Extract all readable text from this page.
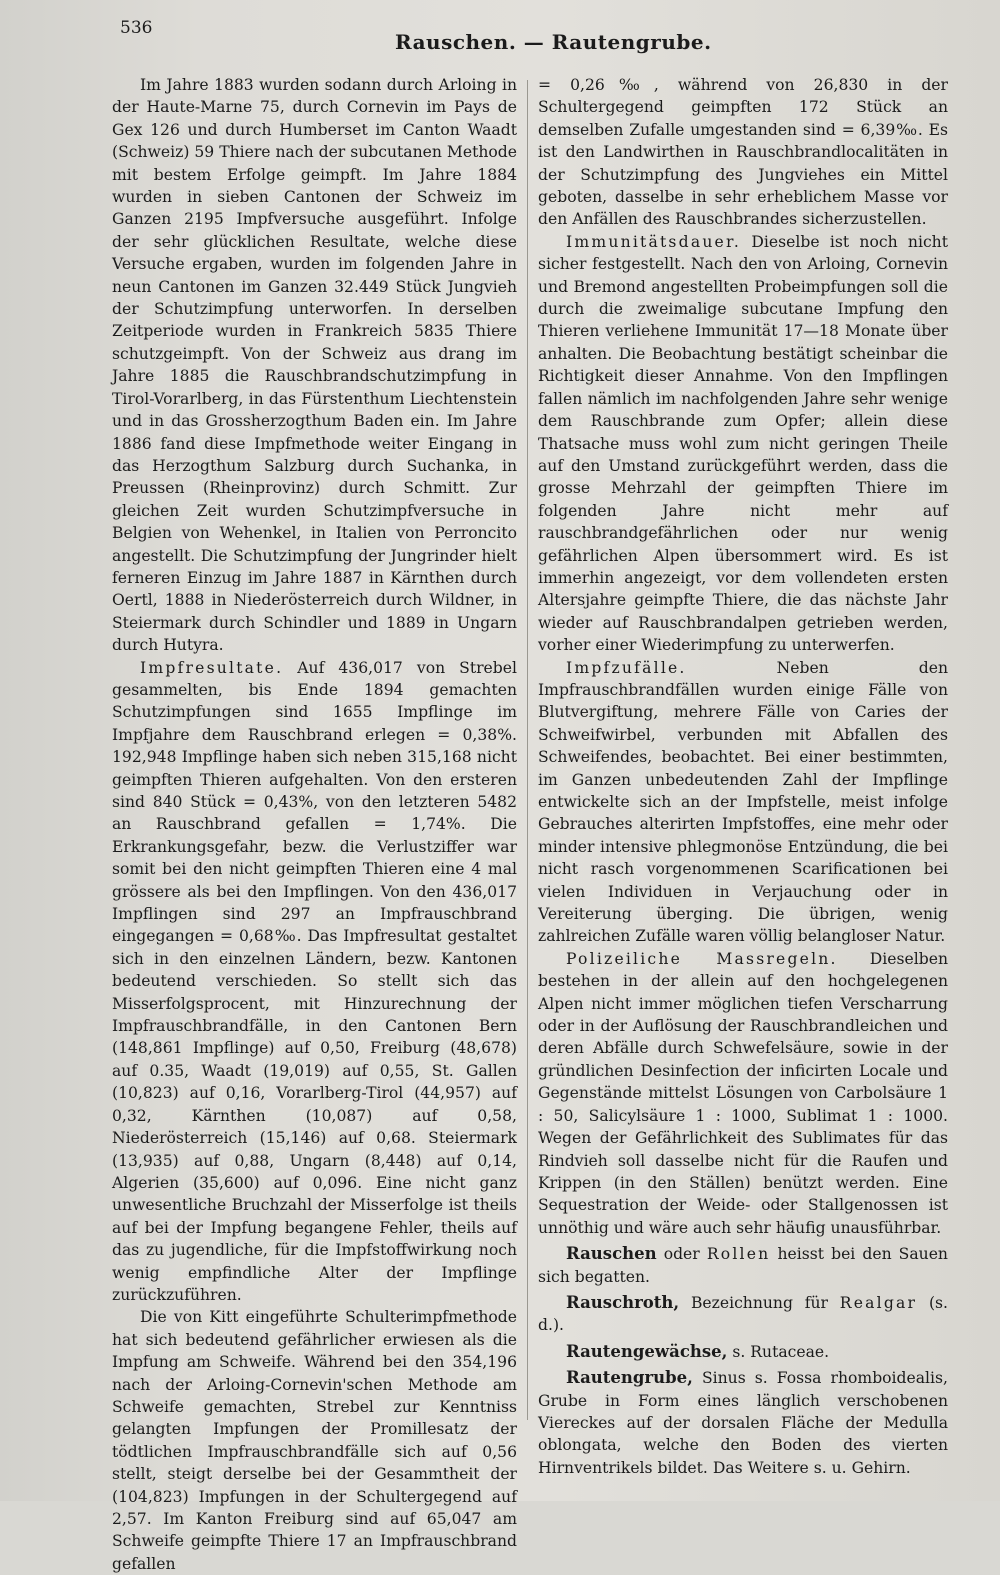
536
Rauschen. — Rautengrube.

Im Jahre 1883 wurden sodann durch Arloing in der Haute-Marne 75, durch Cornevin im Pays de Gex 126 und durch Humberset im Canton Waadt (Schweiz) 59 Thiere nach der subcutanen Methode mit bestem Erfolge geimpft. Im Jahre 1884 wurden in sieben Cantonen der Schweiz im Ganzen 2195 Impfversuche ausgeführt. Infolge der sehr glücklichen Resultate, welche diese Versuche ergaben, wurden im folgenden Jahre in neun Cantonen im Ganzen 32.449 Stück Jungvieh der Schutzimpfung unterworfen. In derselben Zeitperiode wurden in Frankreich 5835 Thiere schutzgeimpft. Von der Schweiz aus drang im Jahre 1885 die Rauschbrandschutzimpfung in Tirol-Vorarlberg, in das Fürstenthum Liechtenstein und in das Grossherzogthum Baden ein. Im Jahre 1886 fand diese Impfmethode weiter Eingang in das Herzogthum Salzburg durch Suchanka, in Preussen (Rheinprovinz) durch Schmitt. Zur gleichen Zeit wurden Schutzimpfversuche in Belgien von Wehenkel, in Italien von Perroncito angestellt. Die Schutzimpfung der Jungrinder hielt ferneren Einzug im Jahre 1887 in Kärnthen durch Oertl, 1888 in Niederösterreich durch Wildner, in Steiermark durch Schindler und 1889 in Ungarn durch Hutyra.

Impfresultate. Auf 436,017 von Strebel gesammelten, bis Ende 1894 gemachten Schutzimpfungen sind 1655 Impflinge im Impfjahre dem Rauschbrand erlegen = 0,38%. 192,948 Impflinge haben sich neben 315,168 nicht geimpften Thieren aufgehalten. Von den ersteren sind 840 Stück = 0,43%, von den letzteren 5482 an Rauschbrand gefallen = 1,74%. Die Erkrankungsgefahr, bezw. die Verlustziffer war somit bei den nicht geimpften Thieren eine 4 mal grössere als bei den Impflingen. Von den 436,017 Impflingen sind 297 an Impfrauschbrand eingegangen = 0,68‰. Das Impfresultat gestaltet sich in den einzelnen Ländern, bezw. Kantonen bedeutend verschieden. So stellt sich das Misserfolgsprocent, mit Hinzurechnung der Impfrauschbrandfälle, in den Cantonen Bern (148,861 Impflinge) auf 0,50, Freiburg (48,678) auf 0.35, Waadt (19,019) auf 0,55, St. Gallen (10,823) auf 0,16, Vorarlberg-Tirol (44,957) auf 0,32, Kärnthen (10,087) auf 0,58, Niederösterreich (15,146) auf 0,68. Steiermark (13,935) auf 0,88, Ungarn (8,448) auf 0,14, Algerien (35,600) auf 0,096. Eine nicht ganz unwesentliche Bruchzahl der Misserfolge ist theils auf bei der Impfung begangene Fehler, theils auf das zu jugendliche, für die Impfstoffwirkung noch wenig empfindliche Alter der Impflinge zurückzuführen.

Die von Kitt eingeführte Schulterimpfmethode hat sich bedeutend gefährlicher erwiesen als die Impfung am Schweife. Während bei den 354,196 nach der Arloing-Cornevin'schen Methode am Schweife gemachten, Strebel zur Kenntniss gelangten Impfungen der Promillesatz der tödtlichen Impfrauschbrandfälle sich auf 0,56 stellt, steigt derselbe bei der Gesammtheit der (104,823) Impfungen in der Schultergegend auf 2,57. Im Kanton Freiburg sind auf 65,047 am Schweife geimpfte Thiere 17 an Impfrauschbrand gefallen

= 0,26‰, während von 26,830 in der Schultergegend geimpften 172 Stück an demselben Zufalle umgestanden sind = 6,39‰. Es ist den Landwirthen in Rauschbrandlocalitäten in der Schutzimpfung des Jungviehes ein Mittel geboten, dasselbe in sehr erheblichem Masse vor den Anfällen des Rauschbrandes sicherzustellen.

Immunitätsdauer. Dieselbe ist noch nicht sicher festgestellt. Nach den von Arloing, Cornevin und Bremond angestellten Probeimpfungen soll die durch die zweimalige subcutane Impfung den Thieren verliehene Immunität 17—18 Monate über anhalten. Die Beobachtung bestätigt scheinbar die Richtigkeit dieser Annahme. Von den Impflingen fallen nämlich im nachfolgenden Jahre sehr wenige dem Rauschbrande zum Opfer; allein diese Thatsache muss wohl zum nicht geringen Theile auf den Umstand zurückgeführt werden, dass die grosse Mehrzahl der geimpften Thiere im folgenden Jahre nicht mehr auf rauschbrandgefährlichen oder nur wenig gefährlichen Alpen übersommert wird. Es ist immerhin angezeigt, vor dem vollendeten ersten Altersjahre geimpfte Thiere, die das nächste Jahr wieder auf Rauschbrandalpen getrieben werden, vorher einer Wiederimpfung zu unterwerfen.

Impfzufälle.	Neben den Impfrauschbrandfällen wurden einige Fälle von Blutvergiftung, mehrere Fälle von Caries der Schweifwirbel, verbunden mit Abfallen des Schweifendes, beobachtet. Bei einer bestimmten, im Ganzen unbedeutenden Zahl der Impflinge entwickelte sich an der Impfstelle, meist infolge Gebrauches alterirten Impfstoffes, eine mehr oder minder intensive phlegmonöse Entzündung, die bei nicht rasch vorgenommenen Scarificationen bei vielen Individuen in Verjauchung oder in Vereiterung überging. Die übrigen, wenig zahlreichen Zufälle waren völlig belangloser Natur.

Polizeiliche Massregeln. Dieselben bestehen in der allein auf den hochgelegenen Alpen nicht immer möglichen tiefen Verscharrung oder in der Auflösung der Rauschbrandleichen und deren Abfälle durch Schwefelsäure, sowie in der gründlichen Desinfection der inficirten Locale und Gegenstände mittelst Lösungen von Carbolsäure 1 : 50, Salicylsäure 1 : 1000, Sublimat 1 : 1000. Wegen der Gefährlichkeit des Sublimates für das Rindvieh soll dasselbe nicht für die Raufen und Krippen (in den Ställen) benützt werden. Eine Sequestration der Weide- oder Stallgenossen ist unnöthig und wäre auch sehr häufig unausführbar.

Rauschen oder Rollen heisst bei den Sauen sich begatten.

Rauschroth, Bezeichnung für Realgar (s. d.).

Rautengewächse, s. Rutaceae.

Rautengrube, Sinus s. Fossa rhomboidealis, Grube in Form eines länglich verschobenen Viereckes auf der dorsalen Fläche der Medulla oblongata, welche den Boden des vierten Hirnventrikels bildet. Das Weitere s. u. Gehirn.
